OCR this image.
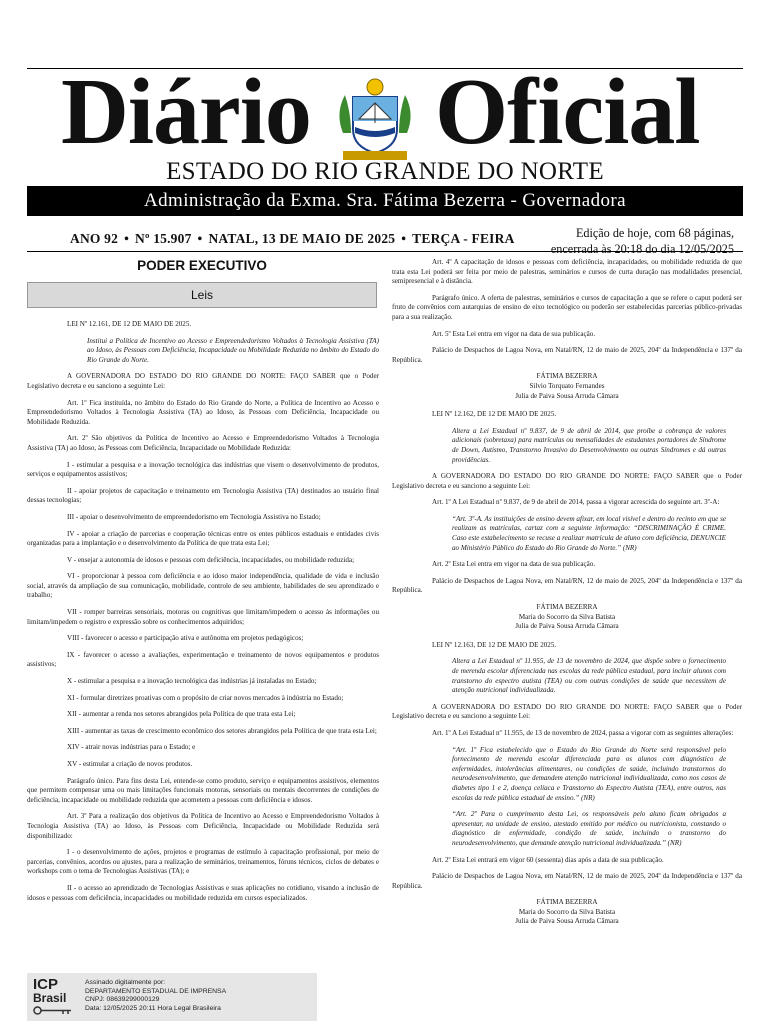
Diário Oficial
ESTADO DO RIO GRANDE DO NORTE
Administração da Exma. Sra. Fátima Bezerra - Governadora
ANO 92 • Nº 15.907 • NATAL, 13 DE MAIO DE 2025 • TERÇA - FEIRA	Edição de hoje, com 68 páginas,
encerrada às 20:18 do dia 12/05/2025
PODER EXECUTIVO
Leis

LEI Nº 12.161, DE 12 DE MAIO DE 2025.

Institui a Política de Incentivo ao Acesso e Empreendedorismo Voltados à Tecnologia Assistiva (TA) ao Idoso, às Pessoas com Deficiência, Incapacidade ou Mobilidade Reduzida no âmbito do Estado do Rio Grande do Norte.

A GOVERNADORA DO ESTADO DO RIO GRANDE DO NORTE: FAÇO SABER que o Poder Legislativo decreta e eu sanciono a seguinte Lei:

Art. 1º Fica instituída, no âmbito do Estado do Rio Grande do Norte, a Política de Incentivo ao Acesso e Empreendedorismo Voltados à Tecnologia Assistiva (TA) ao Idoso, às Pessoas com Deficiência, Incapacidade ou Mobilidade Reduzida.

Art. 2º São objetivos da Política de Incentivo ao Acesso e Empreendedorismo Voltados à Tecnologia Assistiva (TA) ao Idoso, às Pessoas com Deficiência, Incapacidade ou Mobilidade Reduzida:

I - estimular a pesquisa e a inovação tecnológica das indústrias que visem o desenvolvimento de produtos, serviços e equipamentos assistivos;

II - apoiar projetos de capacitação e treinamento em Tecnologia Assistiva (TA) destinados ao usuário final dessas tecnologias;

III - apoiar o desenvolvimento de empreendedorismo em Tecnologia Assistiva no Estado;

IV - apoiar a criação de parcerias e cooperação técnicas entre os entes públicos estaduais e entidades civis organizadas para a implantação e o desenvolvimento da Política de que trata esta Lei;

V - ensejar a autonomia de idosos e pessoas com deficiência, incapacidades, ou mobilidade reduzida;

VI - proporcionar à pessoa com deficiência e ao idoso maior independência, qualidade de vida e inclusão social, através da ampliação de sua comunicação, mobilidade, controle de seu ambiente, habilidades de seu aprendizado e trabalho;

VII - romper barreiras sensoriais, motoras ou cognitivas que limitam/impedem o acesso às informações ou limitam/impedem o registro e expressão sobre os conhecimentos adquiridos;

VIII - favorecer o acesso e participação ativa e autônoma em projetos pedagógicos;

IX - favorecer o acesso a avaliações, experimentação e treinamento de novos equipamentos e produtos assistivos;

X - estimular a pesquisa e a inovação tecnológica das indústrias já instaladas no Estado;

XI - formular diretrizes proativas com o propósito de criar novos mercados à indústria no Estado;

XII - aumentar a renda nos setores abrangidos pela Política de que trata esta Lei;

XIII - aumentar as taxas de crescimento econômico dos setores abrangidos pela Política de que trata esta Lei;

XIV - atrair novas indústrias para o Estado; e

XV - estimular a criação de novos produtos.

Parágrafo único. Para fins desta Lei, entende-se como produto, serviço e equipamentos assistivos, elementos que permitem compensar uma ou mais limitações funcionais motoras, sensoriais ou mentais decorrentes de condições de deficiência, incapacidade ou mobilidade reduzida que acometem a pessoas com deficiência e idosos.

Art. 3º Para a realização dos objetivos da Política de Incentivo ao Acesso e Empreendedorismo Voltados à Tecnologia Assistiva (TA) ao Idoso, às Pessoas com Deficiência, Incapacidade ou Mobilidade Reduzida será disponibilizado:

I - o desenvolvimento de ações, projetos e programas de estímulo à capacitação profissional, por meio de parcerias, convênios, acordos ou ajustes, para a realização de seminários, treinamentos, fóruns técnicos, ciclos de debates e workshops com o tema de Tecnologias Assistivas (TA); e

II - o acesso ao aprendizado de Tecnologias Assistivas e suas aplicações no cotidiano, visando a inclusão de idosos e pessoas com deficiência, incapacidades ou mobilidade reduzida em cursos especializados.

Art. 4º A capacitação de idosos e pessoas com deficiência, incapacidades, ou mobilidade reduzida de que trata esta Lei poderá ser feita por meio de palestras, seminários e cursos de curta duração nas modalidades presencial, semipresencial e à distância.

Parágrafo único. A oferta de palestras, seminários e cursos de capacitação a que se refere o caput poderá ser fruto de convênios com autarquias de ensino de eixo tecnológico ou poderão ser estabelecidas parcerias público-privadas para a sua realização.

Art. 5º Esta Lei entra em vigor na data de sua publicação.

Palácio de Despachos de Lagoa Nova, em Natal/RN, 12 de maio de 2025, 204º da Independência e 137º da República.

FÁTIMA BEZERRA

Silvio Torquato Fernandes

Julia de Paiva Sousa Arruda Câmara

LEI Nº 12.162, DE 12 DE MAIO DE 2025.

Altera a Lei Estadual nº 9.837, de 9 de abril de 2014, que proíbe a cobrança de valores adicionais (sobretaxa) para matrículas ou mensalidades de estudantes portadores de Síndrome de Down, Autismo, Transtorno Invasivo do Desenvolvimento ou outras Síndromes e dá outras providências.

A GOVERNADORA DO ESTADO DO RIO GRANDE DO NORTE: FAÇO SABER que o Poder Legislativo decreta e eu sanciono a seguinte Lei:

Art. 1º A Lei Estadual nº 9.837, de 9 de abril de 2014, passa a vigorar acrescida do seguinte art. 3º-A:

“Art. 3º-A. As instituições de ensino devem afixar, em local visível e dentro do recinto em que se realizam as matrículas, cartaz com a seguinte informação: “DISCRIMINAÇÃO É CRIME. Caso este estabelecimento se recuse a realizar matrícula de aluno com deficiência, DENUNCIE ao Ministério Público do Estado do Rio Grande do Norte.” (NR)

Art. 2º Esta Lei entra em vigor na data de sua publicação.

Palácio de Despachos de Lagoa Nova, em Natal/RN, 12 de maio de 2025, 204º da Independência e 137º da República.

FÁTIMA BEZERRA

Maria do Socorro da Silva Batista

Julia de Paiva Sousa Arruda Câmara

LEI Nº 12.163, DE 12 DE MAIO DE 2025.

Altera a Lei Estadual nº 11.955, de 13 de novembro de 2024, que dispõe sobre o fornecimento de merenda escolar diferenciada nas escolas da rede pública estadual, para incluir alunos com transtorno do espectro autista (TEA) ou com outras condições de saúde que necessitem de atenção nutricional individualizada.

A GOVERNADORA DO ESTADO DO RIO GRANDE DO NORTE: FAÇO SABER que o Poder Legislativo decreta e eu sanciono a seguinte Lei:

Art. 1º A Lei Estadual nº 11.955, de 13 de novembro de 2024, passa a vigorar com as seguintes alterações:

“Art. 1º Fica estabelecido que o Estado do Rio Grande do Norte será responsável pelo fornecimento de merenda escolar diferenciada para os alunos com diagnóstico de enfermidades, intolerâncias alimentares, ou condições de saúde, incluindo transtornos do neurodesenvolvimento, que demandem atenção nutricional individualizada, como nos casos de diabetes tipo 1 e 2, doença celíaca e Transtorno do Espectro Autista (TEA), entre outros, nas escolas da rede pública estadual de ensino.” (NR)

“Art. 2º Para o cumprimento desta Lei, os responsáveis pelo aluno ficam obrigados a apresentar, na unidade de ensino, atestado emitido por médico ou nutricionista, constando o diagnóstico de enfermidade, condição de saúde, incluindo o transtorno do neurodesenvolvimento, que demande atenção nutricional individualizada.” (NR)

Art. 2º Esta Lei entrará em vigor 60 (sessenta) dias após a data de sua publicação.

Palácio de Despachos de Lagoa Nova, em Natal/RN, 12 de maio de 2025, 204º da Independência e 137º da República.

FÁTIMA BEZERRA

Maria do Socorro da Silva Batista

Julia de Paiva Sousa Arruda Câmara

ICP
Brasil
Assinado digitalmente por:
DEPARTAMENTO ESTADUAL DE IMPRENSA
CNPJ: 08639299000129
Data: 12/05/2025 20:11 Hora Legal Brasileira
